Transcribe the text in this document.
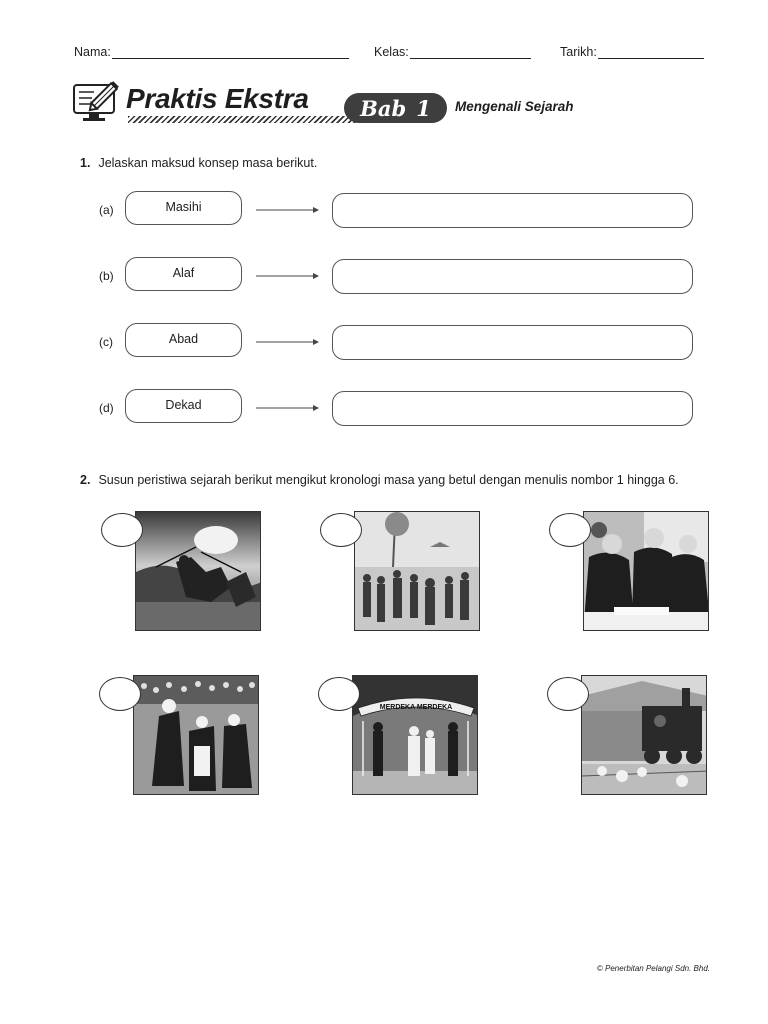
Nama:	Kelas:	Tarikh:
Praktis Ekstra Bab 1 Mengenali Sejarah
1. Jelaskan maksud konsep masa berikut.
(a)	Masihi
(b)	Alaf
(c)	Abad
(d)	Dekad
2. Susun peristiwa sejarah berikut mengikut kronologi masa yang betul dengan menulis nombor 1 hingga 6.
MERDEKA MERDEKA
© Penerbitan Pelangi Sdn. Bhd.
